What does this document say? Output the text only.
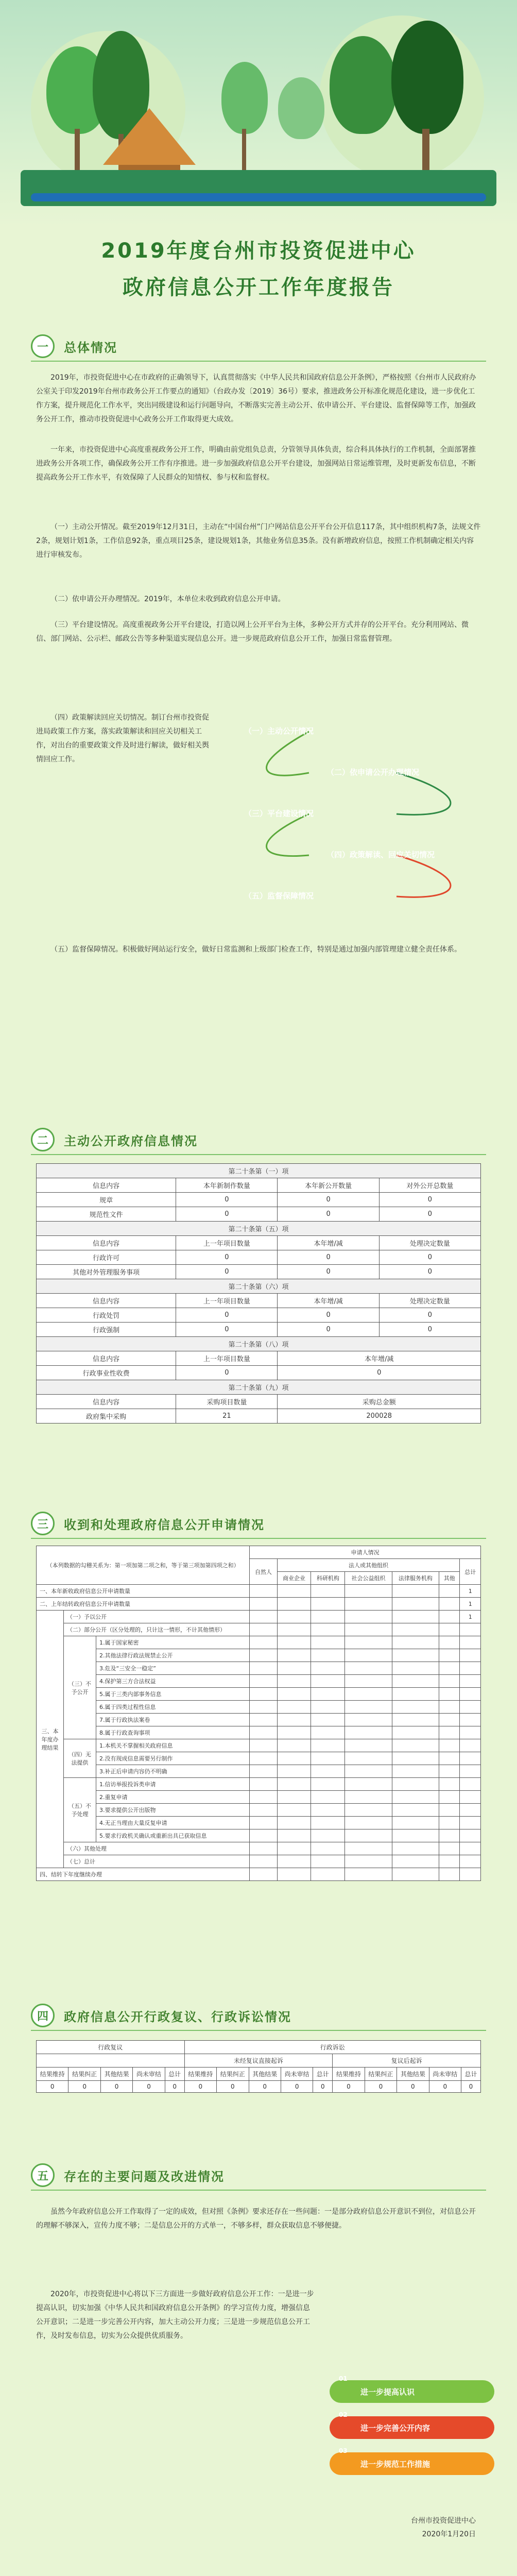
2019年度台州市投资促进中心
政府信息公开工作年度报告
一	总体情况

2019年，市投资促进中心在市政府的正确领导下，认真贯彻落实《中华人民共和国政府信息公开条例》，严格按照《台州市人民政府办公室关于印发2019年台州市政务公开工作要点的通知》（台政办发〔2019〕36号）要求，推进政务公开标准化规范化建设，进一步优化工作方案，提升规范化工作水平，突出同级建设和运行问题导向，不断落实完善主动公开、依申请公开、平台建设、监督保障等工作，加强政务公开工作，推动市投资促进中心政务公开工作取得更大成效。

一年来，市投资促进中心高度重视政务公开工作，明确由前党组负总责，分管领导具体负责，综合科具体执行的工作机制，全面部署推进政务公开各项工作，确保政务公开工作有序推进。进一步加强政府信息公开平台建设，加强网站日常运维管理，及时更新发布信息，不断提高政务公开工作水平，有效保障了人民群众的知情权、参与权和监督权。

（一）主动公开情况。截至2019年12月31日，主动在“中国台州”门户网站信息公开平台公开信息117条，其中组织机构7条，法规文件2条，规划计划1条，工作信息92条，重点项目25条，建设规划1条，其他业务信息35条。没有新增政府信息，按照工作机制确定相关内容进行审核发布。

（二）依申请公开办理情况。2019年，本单位未收到政府信息公开申请。

（三）平台建设情况。高度重视政务公开平台建设，打造以网上公开平台为主体，多种公开方式并存的公开平台。充分利用网站、微信、部门网站、公示栏、邮政公告等多种渠道实现信息公开。进一步规范政府信息公开工作，加强日常监督管理。

（四）政策解读回应关切情况。制订台州市投资促进局政策工作方案，落实政策解读和回应关切相关工作，对出台的重要政策文件及时进行解读，做好相关舆情回应工作。

（五）监督保障情况。积极做好网站运行安全，做好日常监测和上级部门检查工作，特别是通过加强内部管理建立健全责任体系。

（一）主动公开情况
（二）依申请公开办理情况
（三）平台建设情况
（四）政策解读、回应关切情况
（五）监督保障情况
二	主动公开政府信息情况
第二十条第（一）项			
信息内容	本年新制作数量	本年新公开数量	对外公开总数量
规章	0	0	0
规范性文件	0	0	0
第二十条第（五）项			
信息内容	上一年项目数量	本年增/减	处理决定数量
行政许可	0	0	0
其他对外管理服务事项	0	0	0
第二十条第（六）项			
信息内容	上一年项目数量	本年增/减	处理决定数量
行政处罚	0	0	0
行政强制	0	0	0
第二十条第（八）项			
信息内容	上一年项目数量	本年增/减	
行政事业性收费	0	0	
第二十条第（九）项			
信息内容	采购项目数量	采购总金额	
政府集中采购	21	200028	
三	收到和处理政府信息公开申请情况
（本列数据的勾稽关系为：第一项加第二项之和，等于第三项加第四项之和）			申请人情况						
			自然人	法人或其他组织					总计
				商业企业	科研机构	社会公益组织	法律服务机构	其他	
一、本年新收政府信息公开申请数量									1
二、上年结转政府信息公开申请数量									1
三、本年度办理结果	（一）予以公开								1
	（二）部分公开（区分处理的，只计这一情形，不计其他情形）								
	（三）不予公开	1.属于国家秘密							
		2.其他法律行政法规禁止公开							
		3.危及“三安全一稳定”							
		4.保护第三方合法权益							
		5.属于三类内部事务信息							
		6.属于四类过程性信息							
		7.属于行政执法案卷							
		8.属于行政查询事项							
	（四）无法提供	1.本机关不掌握相关政府信息							
		2.没有现成信息需要另行制作							
		3.补正后申请内容仍不明确							
	（五）不予处理	1.信访举报投诉类申请							
		2.重复申请							
		3.要求提供公开出版物							
		4.无正当理由大量反复申请							
		5.要求行政机关确认或重新出具已获取信息							
	（六）其他处理								
	（七）总计								
四、结转下年度继续办理									
四	政府信息公开行政复议、行政诉讼情况
行政复议					行政诉讼									
					未经复议直接起诉					复议后起诉				
结果维持	结果纠正	其他结果	尚未审结	总计	结果维持	结果纠正	其他结果	尚未审结	总计	结果维持	结果纠正	其他结果	尚未审结	总计
0	0	0	0	0	0	0	0	0	0	0	0	0	0	0
五	存在的主要问题及改进情况

虽然今年政府信息公开工作取得了一定的成效，但对照《条例》要求还存在一些问题：一是部分政府信息公开意识不到位，对信息公开的理解不够深入，宣传力度不够；二是信息公开的方式单一，不够多样，群众获取信息不够便捷。

2020年，市投资促进中心将以下三方面进一步做好政府信息公开工作：一是进一步提高认识，切实加强《中华人民共和国政府信息公开条例》的学习宣传力度，增强信息公开意识；二是进一步完善公开内容，加大主动公开力度；三是进一步规范信息公开工作，及时发布信息，切实为公众提供优质服务。

01
进一步提高认识
02
进一步完善公开内容
03
进一步规范工作措施
台州市投资促进中心
2020年1月20日
